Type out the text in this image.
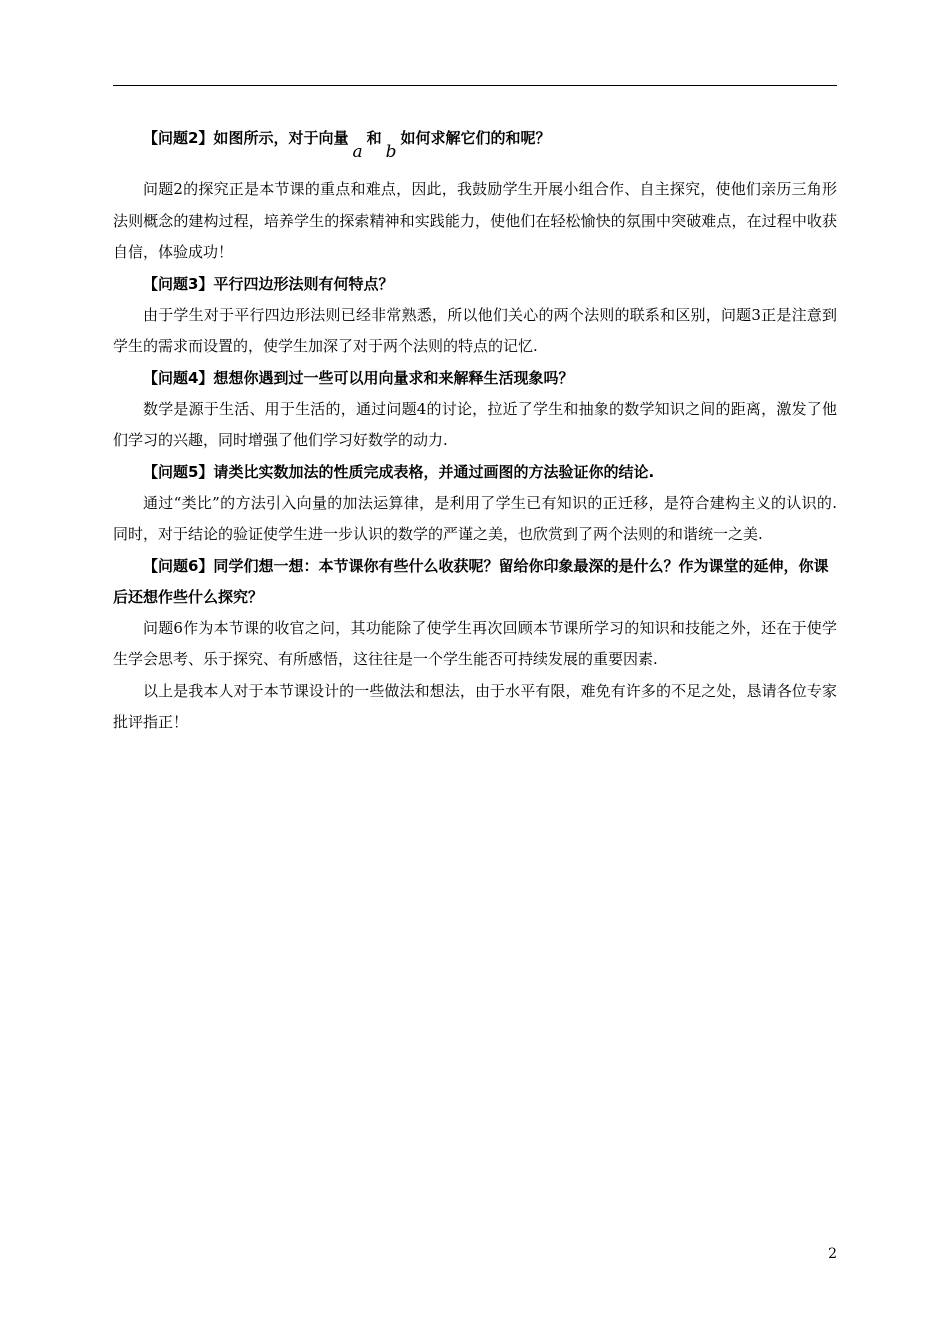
【问题2】如图所示，对于向量a和b如何求解它们的和呢？

问题2的探究正是本节课的重点和难点，因此，我鼓励学生开展小组合作、自主探究，使他们亲历三角形法则概念的建构过程，培养学生的探索精神和实践能力，使他们在轻松愉快的氛围中突破难点，在过程中收获自信，体验成功！

【问题3】平行四边形法则有何特点？

由于学生对于平行四边形法则已经非常熟悉，所以他们关心的两个法则的联系和区别，问题3正是注意到学生的需求而设置的，使学生加深了对于两个法则的特点的记忆.

【问题4】想想你遇到过一些可以用向量求和来解释生活现象吗？

数学是源于生活、用于生活的，通过问题4的讨论，拉近了学生和抽象的数学知识之间的距离，激发了他们学习的兴趣，同时增强了他们学习好数学的动力.

【问题5】请类比实数加法的性质完成表格，并通过画图的方法验证你的结论.

通过“类比”的方法引入向量的加法运算律，是利用了学生已有知识的正迁移，是符合建构主义的认识的. 同时，对于结论的验证使学生进一步认识的数学的严谨之美，也欣赏到了两个法则的和谐统一之美.

【问题6】同学们想一想：本节课你有些什么收获呢？留给你印象最深的是什么？作为课堂的延伸，你课后还想作些什么探究？

问题6作为本节课的收官之问，其功能除了使学生再次回顾本节课所学习的知识和技能之外，还在于使学生学会思考、乐于探究、有所感悟，这往往是一个学生能否可持续发展的重要因素.

以上是我本人对于本节课设计的一些做法和想法，由于水平有限，难免有许多的不足之处，恳请各位专家批评指正！

2
